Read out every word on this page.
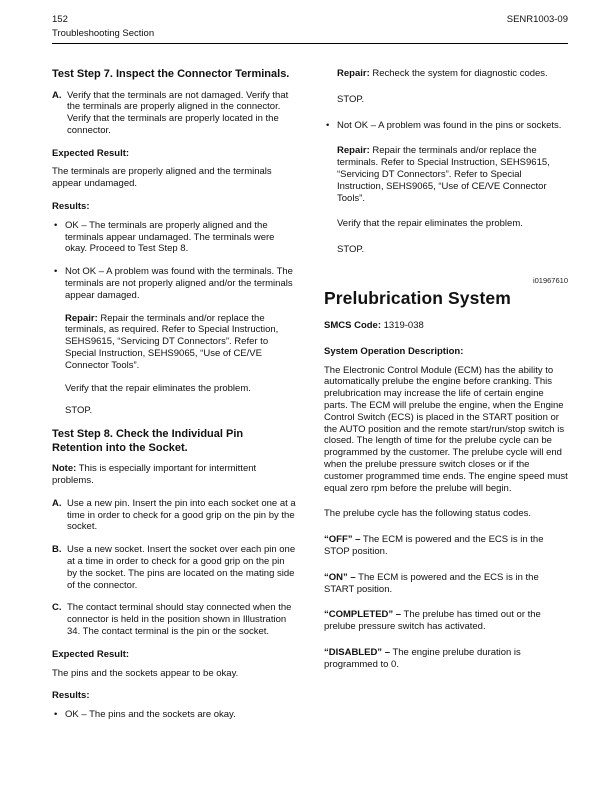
152	SENR1003-09
Troubleshooting Section
Test Step 7. Inspect the Connector Terminals.
A. Verify that the terminals are not damaged. Verify that the terminals are properly aligned in the connector. Verify that the terminals are properly located in the connector.

Expected Result:

The terminals are properly aligned and the terminals appear undamaged.

Results:

• OK – The terminals are properly aligned and the terminals appear undamaged. The terminals were okay. Proceed to Test Step 8.
• Not OK – A problem was found with the terminals. The terminals are not properly aligned and/or the terminals appear damaged.

Repair: Repair the terminals and/or replace the terminals, as required. Refer to Special Instruction, SEHS9615, “Servicing DT Connectors”. Refer to Special Instruction, SEHS9065, “Use of CE/VE Connector Tools”.

Verify that the repair eliminates the problem.

STOP.

Test Step 8. Check the Individual Pin Retention into the Socket.

Note: This is especially important for intermittent problems.

A. Use a new pin. Insert the pin into each socket one at a time in order to check for a good grip on the pin by the socket.
B. Use a new socket. Insert the socket over each pin one at a time in order to check for a good grip on the pin by the socket. The pins are located on the mating side of the connector.
C. The contact terminal should stay connected when the connector is held in the position shown in Illustration 34. The contact terminal is the pin or the socket.

Expected Result:

The pins and the sockets appear to be okay.

Results:

• OK – The pins and the sockets are okay.

Repair: Recheck the system for diagnostic codes.

STOP.

• Not OK – A problem was found in the pins or sockets.

Repair: Repair the terminals and/or replace the terminals. Refer to Special Instruction, SEHS9615, “Servicing DT Connectors”. Refer to Special Instruction, SEHS9065, “Use of CE/VE Connector Tools”.

Verify that the repair eliminates the problem.

STOP.

i01967610
Prelubrication System

SMCS Code: 1319-038

System Operation Description:

The Electronic Control Module (ECM) has the ability to automatically prelube the engine before cranking. This prelubrication may increase the life of certain engine parts. The ECM will prelube the engine, when the Engine Control Switch (ECS) is placed in the START position or the AUTO position and the remote start/run/stop switch is closed. The length of time for the prelube cycle can be programmed by the customer. The prelube cycle will end when the prelube pressure switch closes or if the customer programmed time ends. The engine speed must equal zero rpm before the prelube will begin.

The prelube cycle has the following status codes.

“OFF” – The ECM is powered and the ECS is in the STOP position.

“ON” – The ECM is powered and the ECS is in the START position.

“COMPLETED” – The prelube has timed out or the prelube pressure switch has activated.

“DISABLED” – The engine prelube duration is programmed to 0.
